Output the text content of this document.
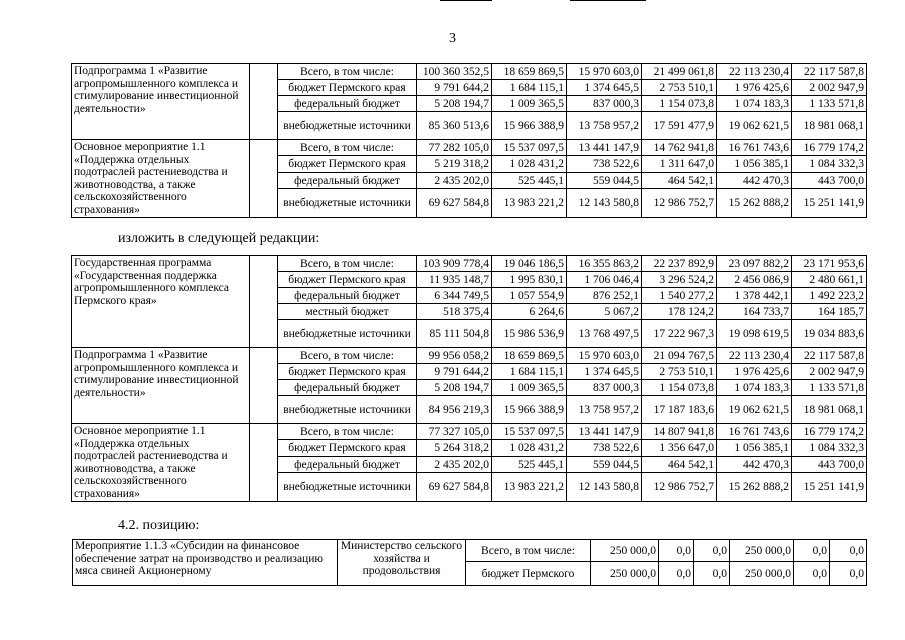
3
Подпрограмма 1 «Развитие агропромышленного комплекса и стимулирование инвестиционной деятельности»		Всего, в том числе:	100 360 352,5	18 659 869,5	15 970 603,0	21 499 061,8	22 113 230,4	22 117 587,8
		бюджет Пермского края	9 791 644,2	1 684 115,1	1 374 645,5	2 753 510,1	1 976 425,6	2 002 947,9
		федеральный бюджет	5 208 194,7	1 009 365,5	837 000,3	1 154 073,8	1 074 183,3	1 133 571,8
		внебюджетные источники	85 360 513,6	15 966 388,9	13 758 957,2	17 591 477,9	19 062 621,5	18 981 068,1
Основное мероприятие 1.1 «Поддержка отдельных подотраслей растениеводства и животноводства, а также сельскохозяйственного страхования»		Всего, в том числе:	77 282 105,0	15 537 097,5	13 441 147,9	14 762 941,8	16 761 743,6	16 779 174,2
		бюджет Пермского края	5 219 318,2	1 028 431,2	738 522,6	1 311 647,0	1 056 385,1	1 084 332,3
		федеральный бюджет	2 435 202,0	525 445,1	559 044,5	464 542,1	442 470,3	443 700,0
		внебюджетные источники	69 627 584,8	13 983 221,2	12 143 580,8	12 986 752,7	15 262 888,2	15 251 141,9
изложить в следующей редакции:
Государственная программа «Государственная поддержка агропромышленного комплекса Пермского края»		Всего, в том числе:	103 909 778,4	19 046 186,5	16 355 863,2	22 237 892,9	23 097 882,2	23 171 953,6
		бюджет Пермского края	11 935 148,7	1 995 830,1	1 706 046,4	3 296 524,2	2 456 086,9	2 480 661,1
		федеральный бюджет	6 344 749,5	1 057 554,9	876 252,1	1 540 277,2	1 378 442,1	1 492 223,2
		местный бюджет	518 375,4	6 264,6	5 067,2	178 124,2	164 733,7	164 185,7
		внебюджетные источники	85 111 504,8	15 986 536,9	13 768 497,5	17 222 967,3	19 098 619,5	19 034 883,6
Подпрограмма 1 «Развитие агропромышленного комплекса и стимулирование инвестиционной деятельности»		Всего, в том числе:	99 956 058,2	18 659 869,5	15 970 603,0	21 094 767,5	22 113 230,4	22 117 587,8
		бюджет Пермского края	9 791 644,2	1 684 115,1	1 374 645,5	2 753 510,1	1 976 425,6	2 002 947,9
		федеральный бюджет	5 208 194,7	1 009 365,5	837 000,3	1 154 073,8	1 074 183,3	1 133 571,8
		внебюджетные источники	84 956 219,3	15 966 388,9	13 758 957,2	17 187 183,6	19 062 621,5	18 981 068,1
Основное мероприятие 1.1 «Поддержка отдельных подотраслей растениеводства и животноводства, а также сельскохозяйственного страхования»		Всего, в том числе:	77 327 105,0	15 537 097,5	13 441 147,9	14 807 941,8	16 761 743,6	16 779 174,2
		бюджет Пермского края	5 264 318,2	1 028 431,2	738 522,6	1 356 647,0	1 056 385,1	1 084 332,3
		федеральный бюджет	2 435 202,0	525 445,1	559 044,5	464 542,1	442 470,3	443 700,0
		внебюджетные источники	69 627 584,8	13 983 221,2	12 143 580,8	12 986 752,7	15 262 888,2	15 251 141,9
4.2. позицию:
Мероприятие 1.1.3 «Субсидии на финансовое обеспечение затрат на производство и реализацию мяса свиней Акционерному	Министерство сельского хозяйства и продовольствия	Всего, в том числе:	250 000,0	0,0	0,0	250 000,0	0,0	0,0
		бюджет Пермского	250 000,0	0,0	0,0	250 000,0	0,0	0,0
